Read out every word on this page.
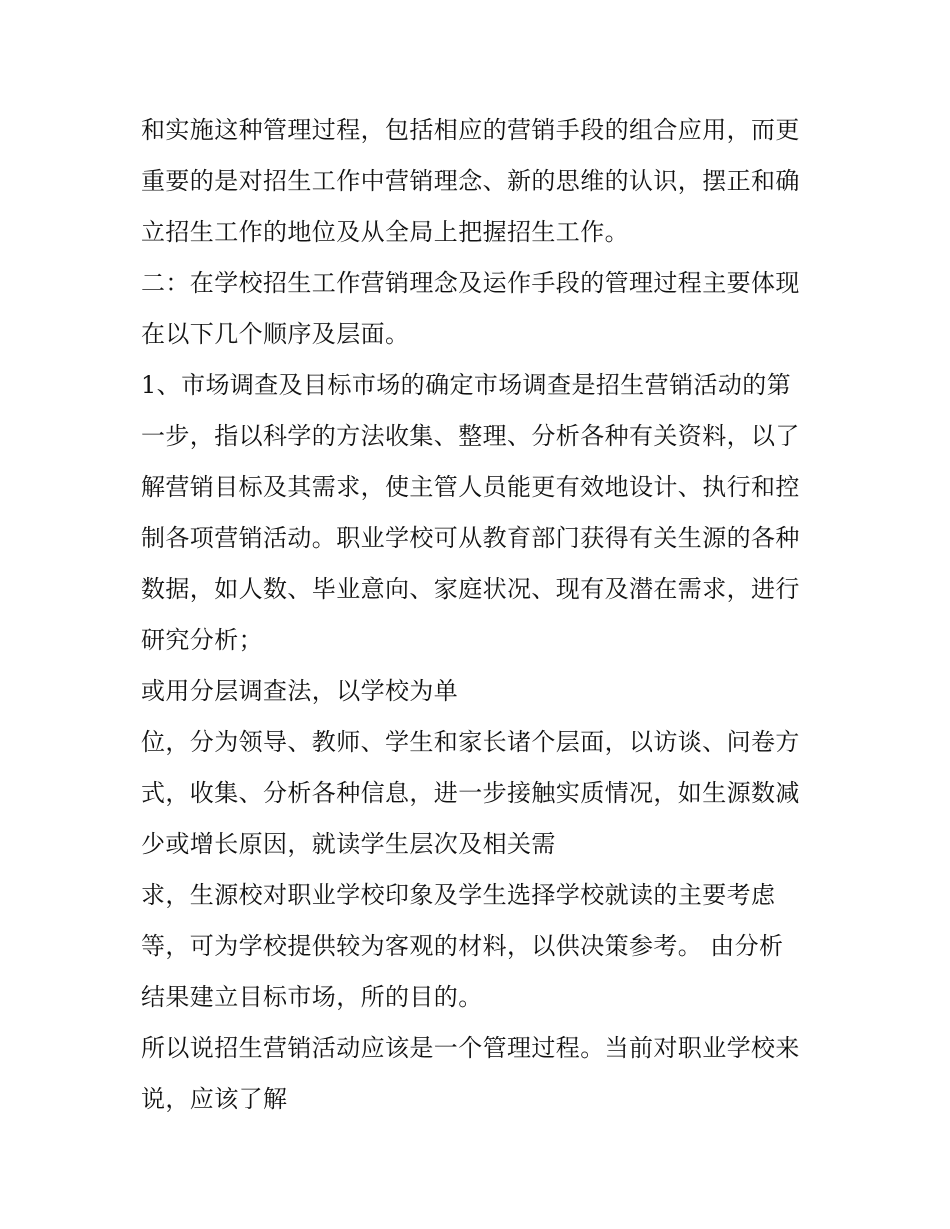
和实施这种管理过程，包括相应的营销手段的组合应用，而更
重要的是对招生工作中营销理念、新的思维的认识，摆正和确
立招生工作的地位及从全局上把握招生工作。
二：在学校招生工作营销理念及运作手段的管理过程主要体现
在以下几个顺序及层面。
1、市场调查及目标市场的确定市场调查是招生营销活动的第
一步，指以科学的方法收集、整理、分析各种有关资料，以了
解营销目标及其需求，使主管人员能更有效地设计、执行和控
制各项营销活动。职业学校可从教育部门获得有关生源的各种
数据，如人数、毕业意向、家庭状况、现有及潜在需求，进行
研究分析；
或用分层调查法，以学校为单
位，分为领导、教师、学生和家长诸个层面，以访谈、问卷方
式，收集、分析各种信息，进一步接触实质情况，如生源数减
少或增长原因，就读学生层次及相关需
求，生源校对职业学校印象及学生选择学校就读的主要考虑
等，可为学校提供较为客观的材料，以供决策参考。 由分析
结果建立目标市场，所的目的。
所以说招生营销活动应该是一个管理过程。当前对职业学校来
说，应该了解
